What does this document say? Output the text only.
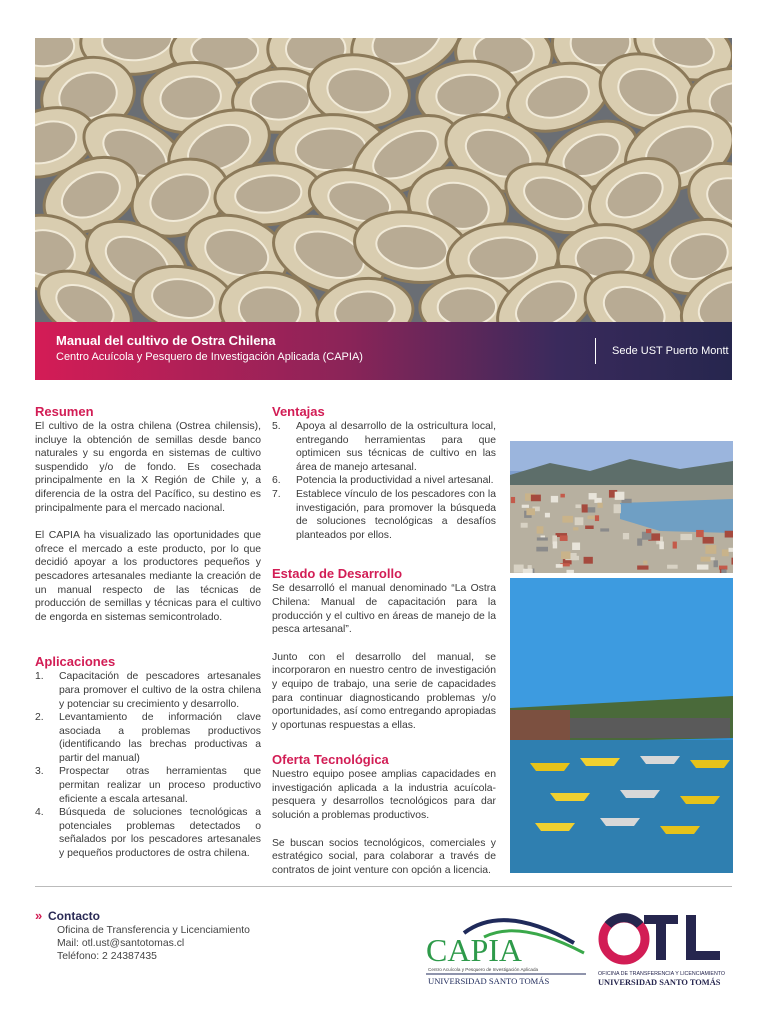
Manual del cultivo de Ostra Chilena
Centro Acuícola y Pesquero de Investigación Aplicada (CAPIA)	Sede UST Puerto Montt
Resumen

El cultivo de la ostra chilena (Ostrea chilensis), incluye la obtención de semillas desde banco naturales y su engorda en sistemas de cultivo suspendido y/o de fondo. Es cosechada principalmente en la X Región de Chile y, a diferencia de la ostra del Pacífico, su destino es principalmente para el mercado nacional.

El CAPIA ha visualizado las oportunidades que ofrece el mercado a este producto, por lo que decidió apoyar a los productores pequeños y pescadores artesanales mediante la creación de un manual respecto de las técnicas de producción de semillas y técnicas para el cultivo de engorda en sistemas semicontrolado.

Aplicaciones
1. Capacitación de pescadores artesanales para promover el cultivo de la ostra chilena y potenciar su crecimiento y desarrollo.
2. Levantamiento de información clave asociada a problemas productivos (identificando las brechas productivas a partir del manual)
3. Prospectar otras herramientas que permitan realizar un proceso productivo eficiente a escala artesanal.
4. Búsqueda de soluciones tecnológicas a potenciales problemas detectados o señalados por los pescadores artesanales y pequeños productores de ostra chilena.
Ventajas
5. Apoya al desarrollo de la ostricultura local, entregando herramientas para que optimicen sus técnicas de cultivo en las área de manejo artesanal.
6. Potencia la productividad a nivel artesanal.
7. Establece vínculo de los pescadores con la investigación, para promover la búsqueda de soluciones tecnológicas a desafíos planteados por ellos.
Estado de Desarrollo

Se desarrolló el manual denominado “La Ostra Chilena: Manual de capacitación para la producción y el cultivo en áreas de manejo de la pesca artesanal”.

Junto con el desarrollo del manual, se incorporaron en nuestro centro de investigación y equipo de trabajo, una serie de capacidades para continuar diagnosticando problemas y/o oportunidades, así como entregando apropiadas y oportunas respuestas a ellas.

Oferta Tecnológica

Nuestro equipo posee amplias capacidades en investigación aplicada a la industria acuícola-pesquera y desarrollos tecnológicos para dar solución a problemas productivos.

Se buscan socios tecnológicos, comerciales y estratégico social, para colaborar a través de contratos de joint venture con opción a licencia.

» Contacto
Oficina de Transferencia y Licenciamiento
Mail: otl.ust@santotomas.cl
Teléfono: 2 24387435	CAPIA
Centro Acuícola y Pesquero de Investigación Aplicada
UNIVERSIDAD SANTO TOMÁS
OFICINA DE TRANSFERENCIA Y LICENCIAMIENTO
UNIVERSIDAD SANTO TOMÁS
